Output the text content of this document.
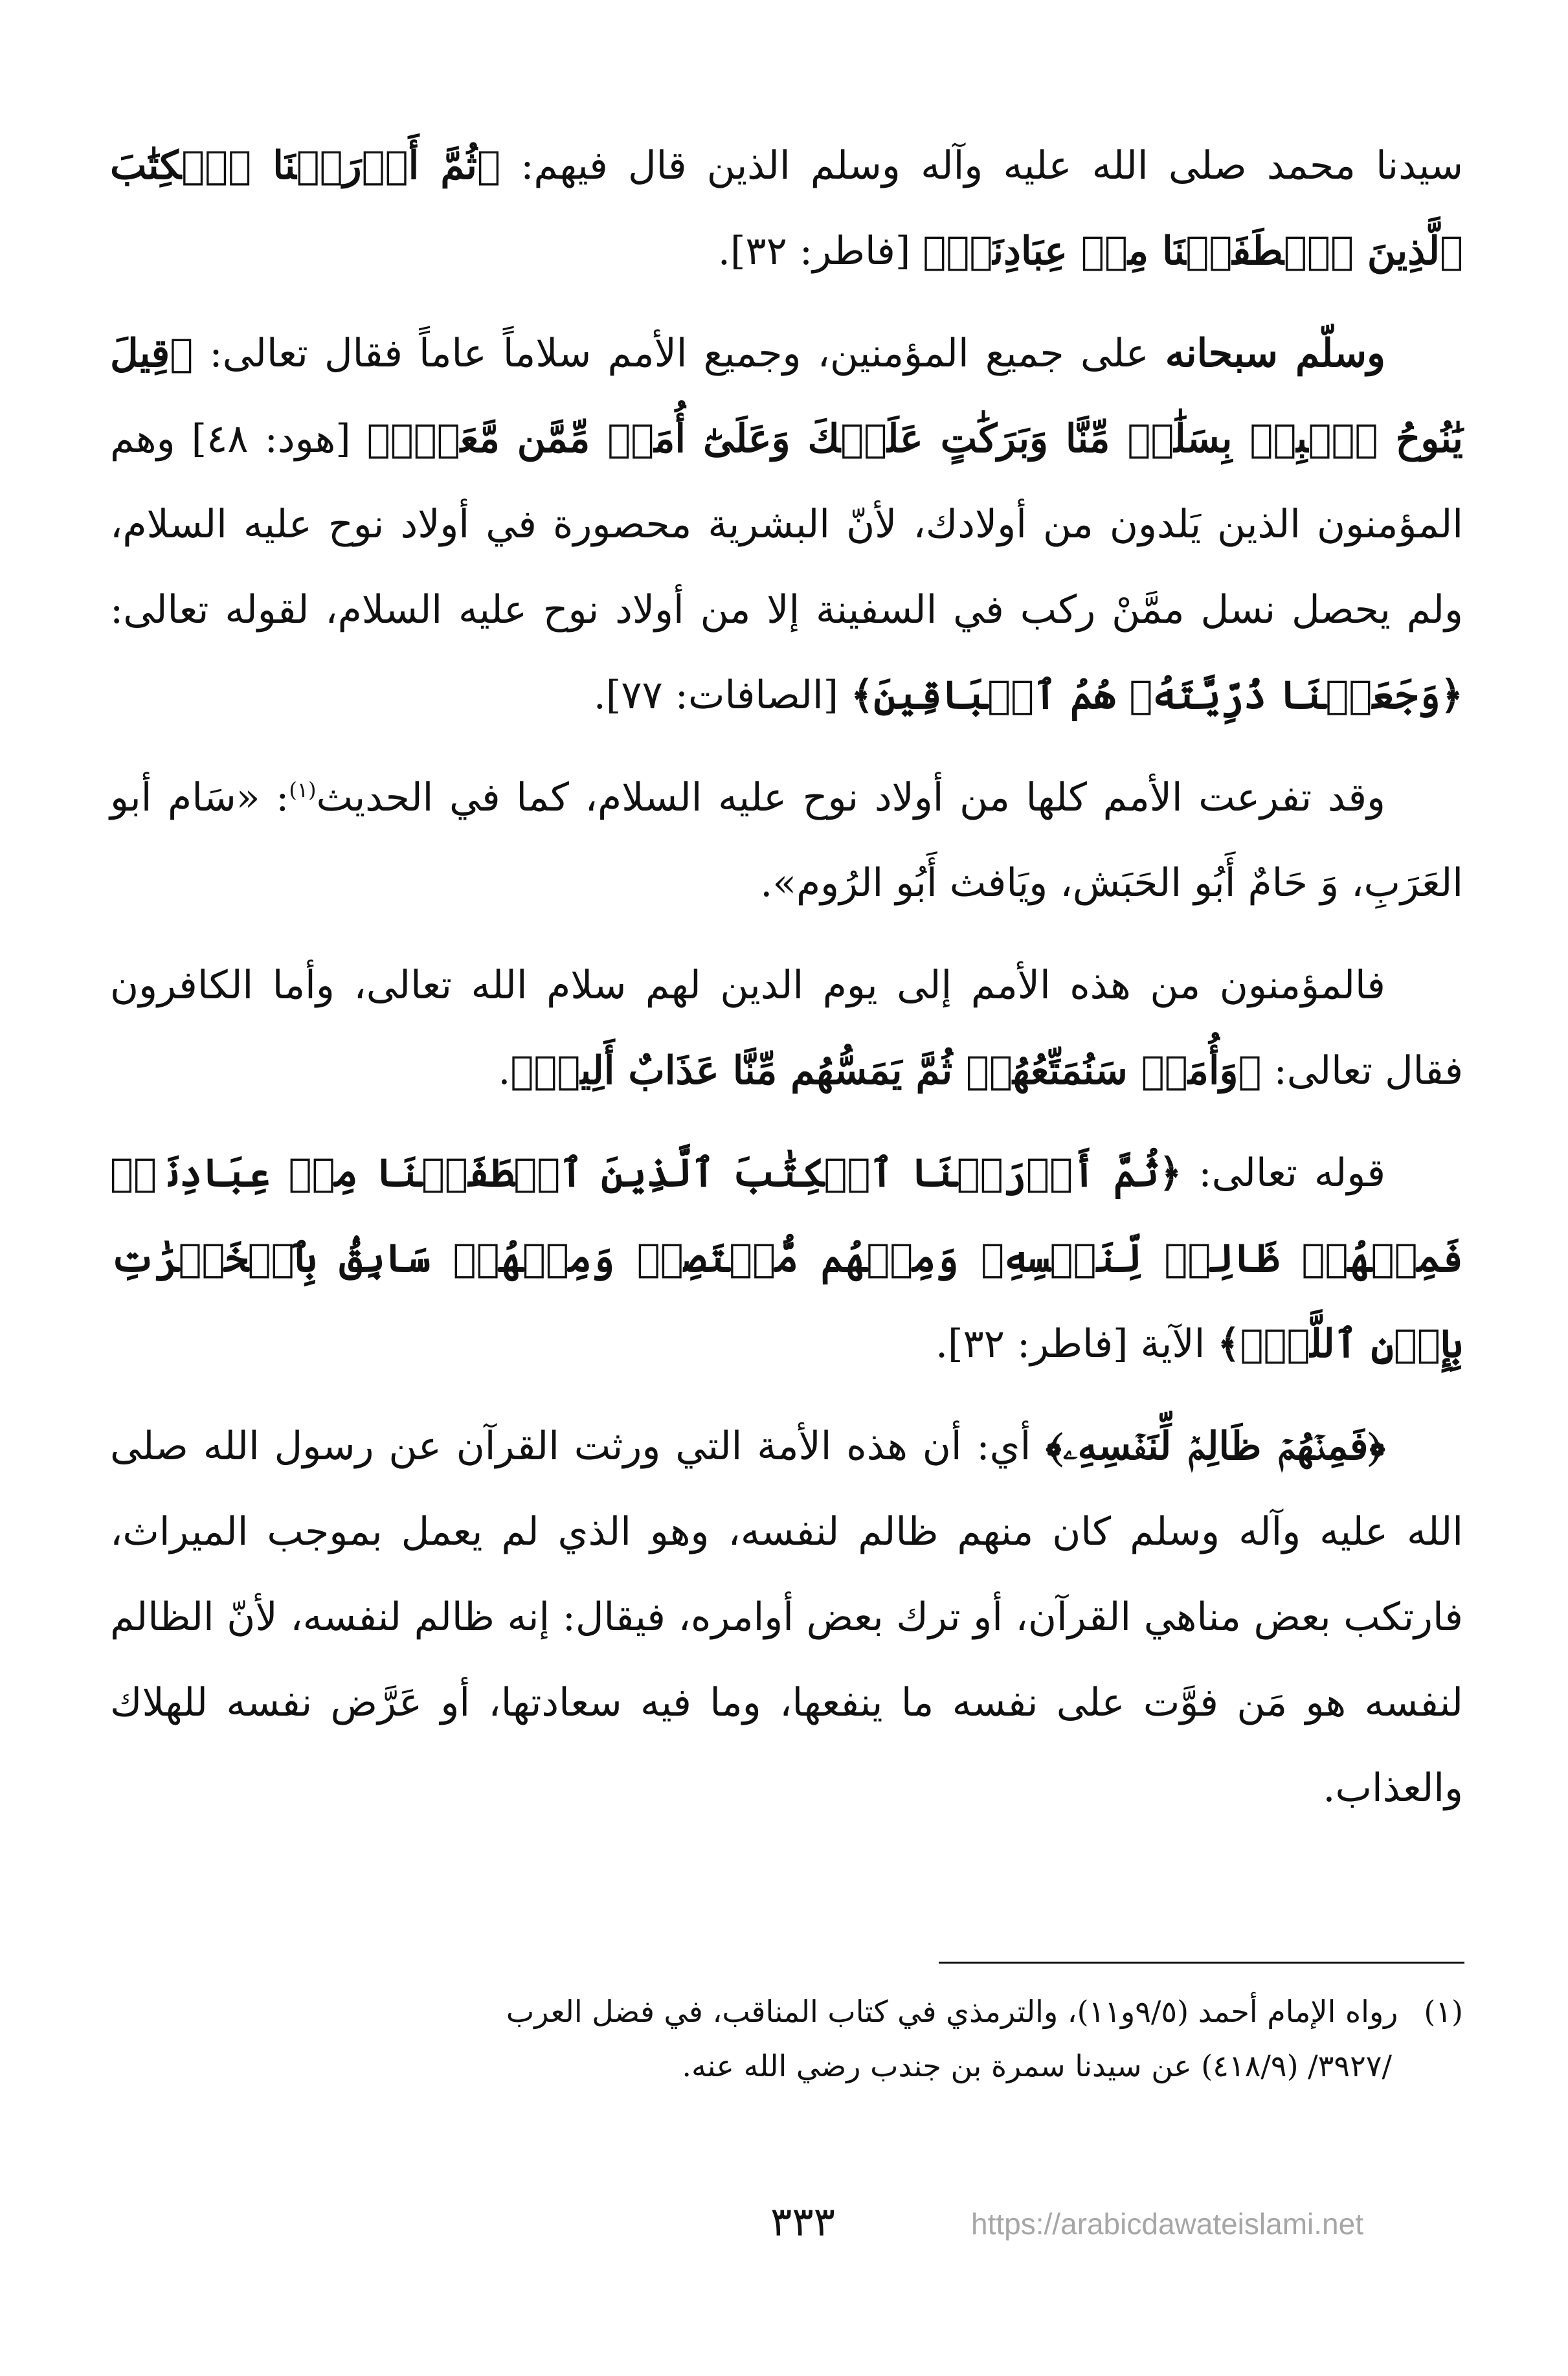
سيدنا محمد صلى الله عليه وآله وسلم الذين قال فيهم: ﴿ثُمَّ أَوۡرَثۡنَا ٱلۡكِتَٰبَ ٱلَّذِينَ ٱصۡطَفَيۡنَا مِنۡ عِبَادِنَاۖ﴾ [فاطر: ٣٢].

وسلّم سبحانه على جميع المؤمنين، وجميع الأمم سلاماً عاماً فقال تعالى: ﴿قِيلَ يَٰنُوحُ ٱهۡبِطۡ بِسَلَٰمٖ مِّنَّا وَبَرَكَٰتٍ عَلَيۡكَ وَعَلَىٰٓ أُمَمٖ مِّمَّن مَّعَكَۚ﴾ [هود: ٤٨] وهم المؤمنون الذين يَلدون من أولادك، لأنّ البشرية محصورة في أولاد نوح عليه السلام، ولم يحصل نسل ممَّنْ ركب في السفينة إلا من أولاد نوح عليه السلام، لقوله تعالى: ﴿وَجَعَلۡنَا ذُرِّيَّتَهُۥ هُمُ ٱلۡبَاقِينَ﴾ [الصافات: ٧٧].

وقد تفرعت الأمم كلها من أولاد نوح عليه السلام، كما في الحديث$^{(١)}$: «سَام أبو العَرَبِ، وَ حَامٌ أَبُو الحَبَش، ويَافث أَبُو الرُوم».

فالمؤمنون من هذه الأمم إلى يوم الدين لهم سلام الله تعالى، وأما الكافرون فقال تعالى: ﴿وَأُمَمٞ سَنُمَتِّعُهُمۡ ثُمَّ يَمَسُّهُم مِّنَّا عَذَابٌ أَلِيمٞ﴾.

قوله تعالى: ﴿ثُمَّ أَوۡرَثۡنَا ٱلۡكِتَٰبَ ٱلَّذِينَ ٱصۡطَفَيۡنَا مِنۡ عِبَادِنَاۖ فَمِنۡهُمۡ ظَالِمٞ لِّنَفۡسِهِۦ وَمِنۡهُم مُّقۡتَصِدٞ وَمِنۡهُمۡ سَابِقُۢ بِٱلۡخَيۡرَٰتِ بِإِذۡنِ ٱللَّهِۚ﴾ الآية [فاطر: ٣٢].

﴿فَمِنۡهُمۡ ظَالِمٞ لِّنَفۡسِهِۦ﴾ أي: أن هذه الأمة التي ورثت القرآن عن رسول الله صلى الله عليه وآله وسلم كان منهم ظالم لنفسه، وهو الذي لم يعمل بموجب الميراث، فارتكب بعض مناهي القرآن، أو ترك بعض أوامره، فيقال: إنه ظالم لنفسه، لأنّ الظالم لنفسه هو مَن فوَّت على نفسه ما ينفعها، وما فيه سعادتها، أو عَرَّض نفسه للهلاك والعذاب.

(١)رواه الإمام أحمد (٩/٥و١١)، والترمذي في كتاب المناقب، في فضل العرب
/٣٩٢٧/ (٤١٨/٩) عن سيدنا سمرة بن جندب رضي الله عنه.
٣٣٣	https://arabicdawateislami.net
